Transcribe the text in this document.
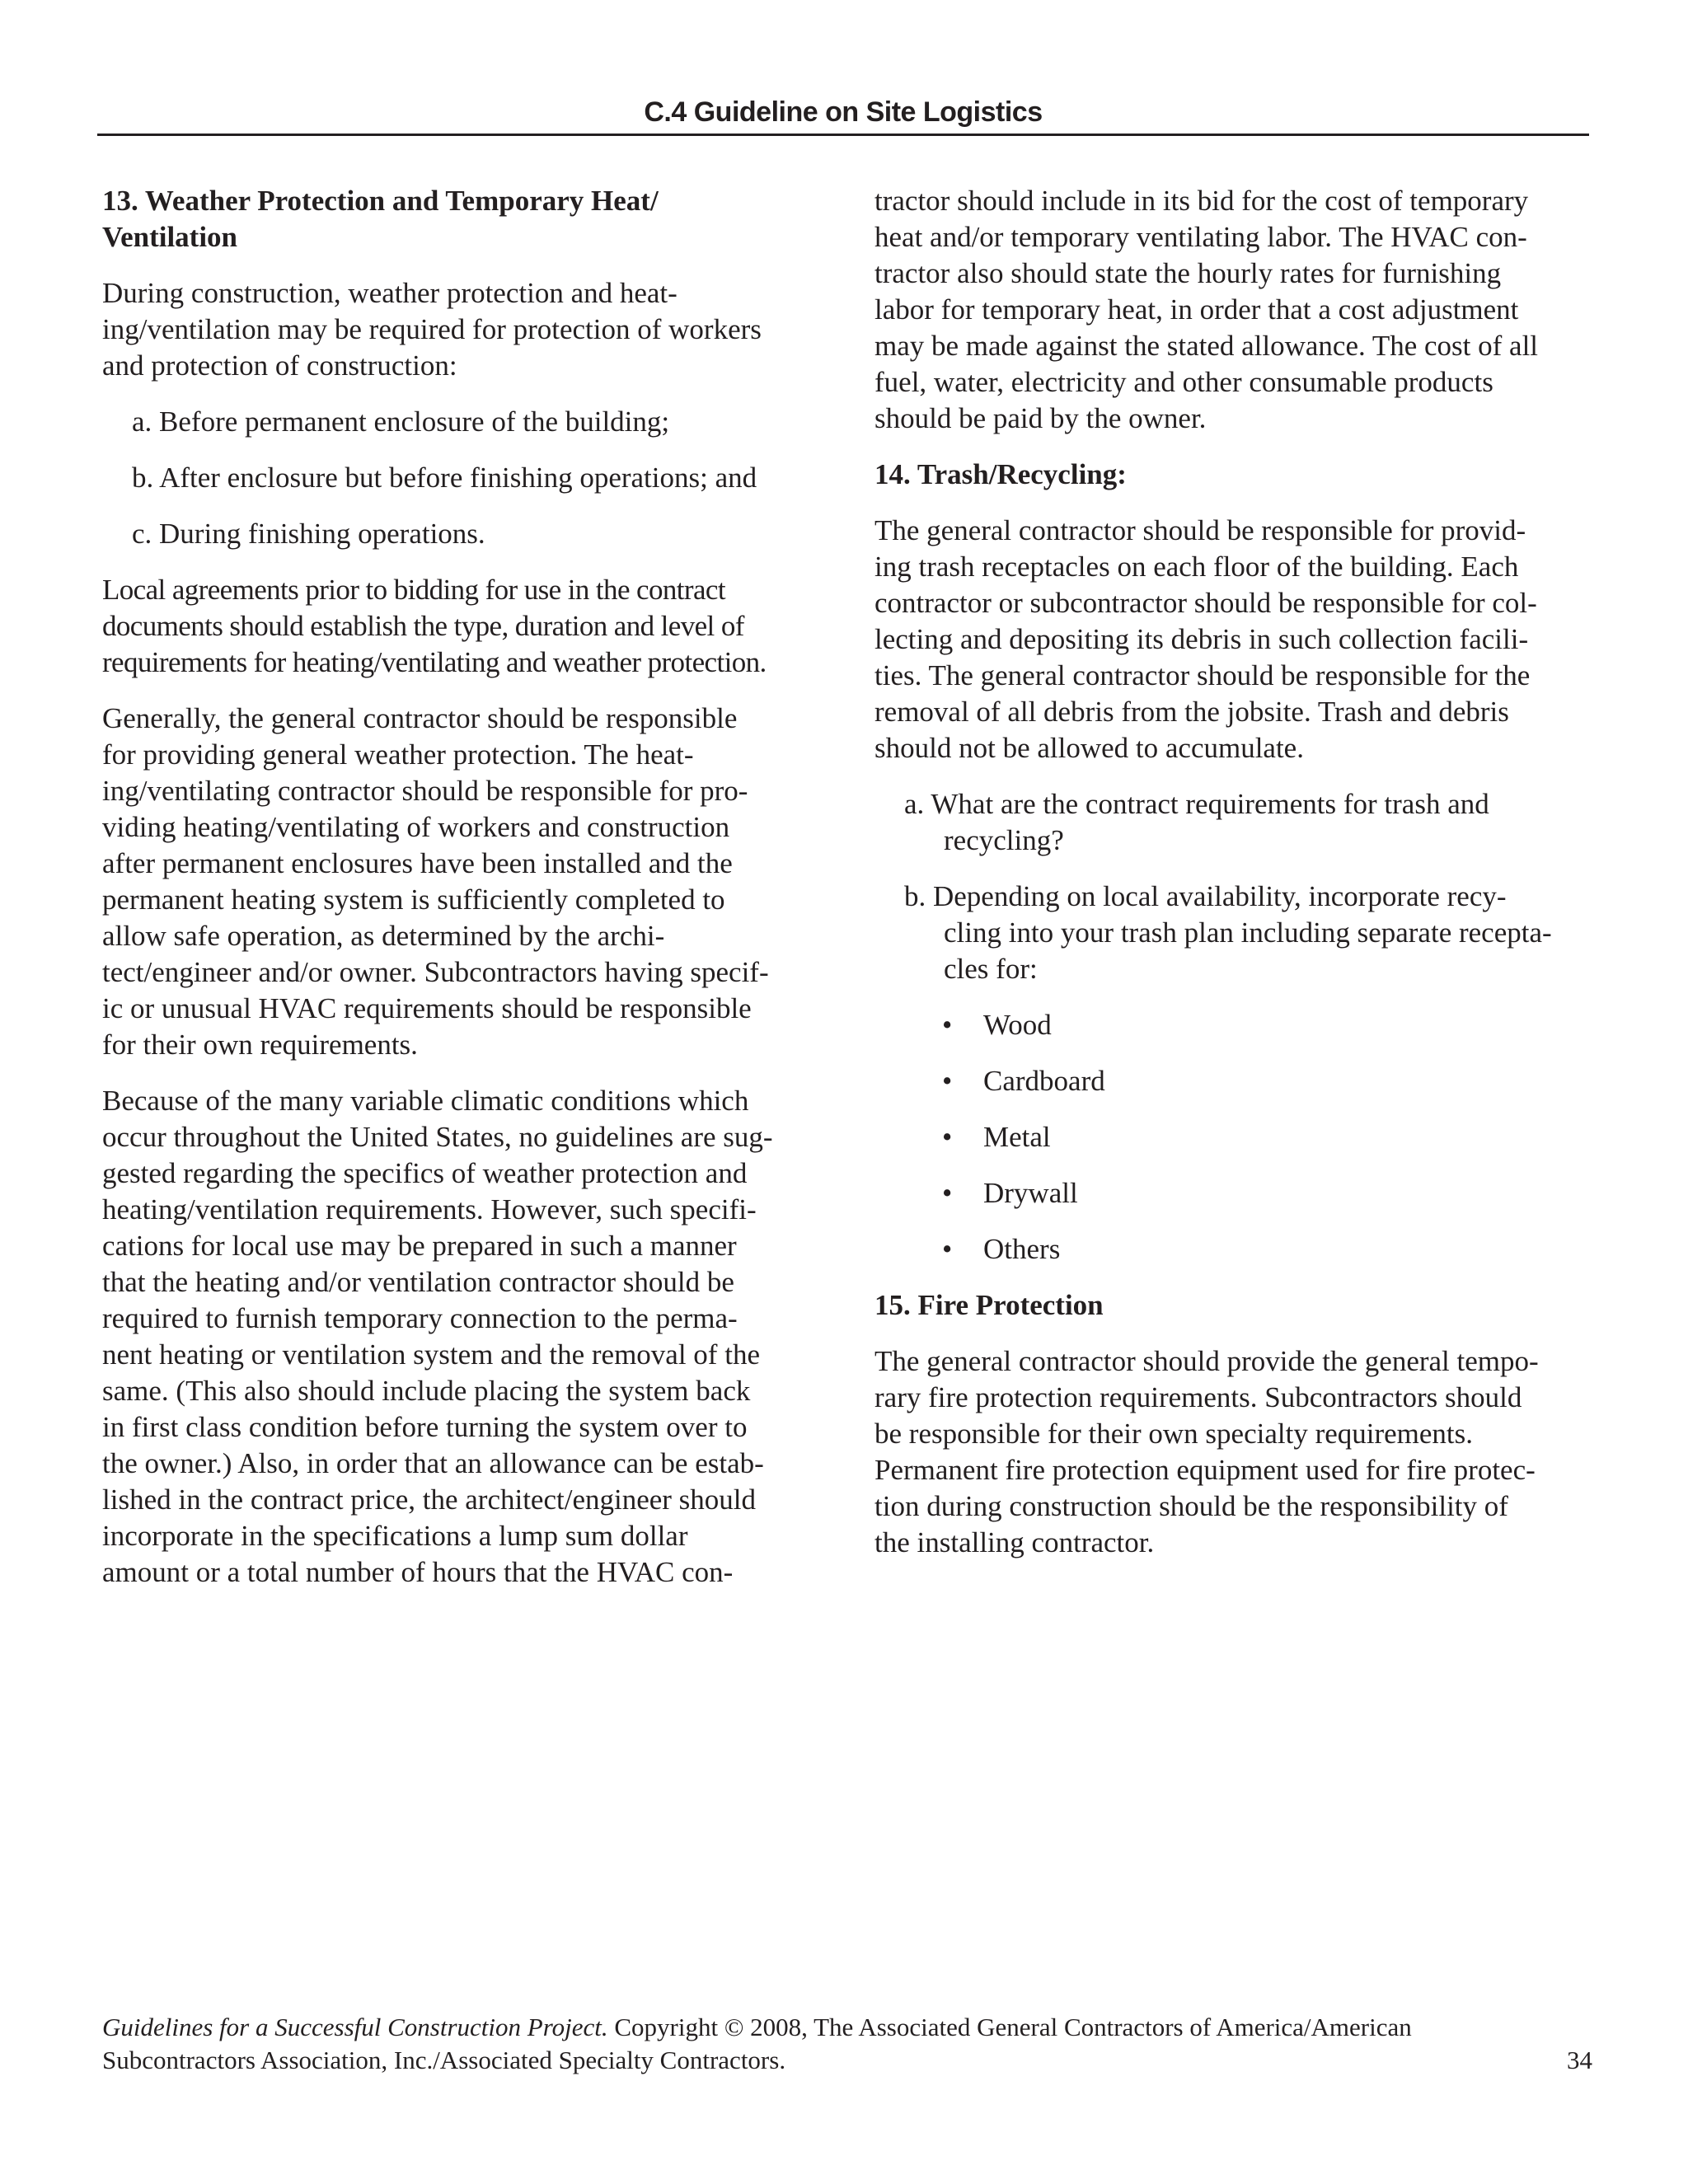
C.4 Guideline on Site Logistics
13. Weather Protection and Temporary Heat/
Ventilation
During construction, weather protection and heat-
ing/ventilation may be required for protection of workers
and protection of construction:
a. Before permanent enclosure of the building;
b. After enclosure but before finishing operations; and
c. During finishing operations.
Local agreements prior to bidding for use in the contract
documents should establish the type, duration and level of
requirements for heating/ventilating and weather protection.
Generally, the general contractor should be responsible
for providing general weather protection. The heat-
ing/ventilating contractor should be responsible for pro-
viding heating/ventilating of workers and construction
after permanent enclosures have been installed and the
permanent heating system is sufficiently completed to
allow safe operation, as determined by the archi-
tect/engineer and/or owner. Subcontractors having specif-
ic or unusual HVAC requirements should be responsible
for their own requirements.
Because of the many variable climatic conditions which
occur throughout the United States, no guidelines are sug-
gested regarding the specifics of weather protection and
heating/ventilation requirements. However, such specifi-
cations for local use may be prepared in such a manner
that the heating and/or ventilation contractor should be
required to furnish temporary connection to the perma-
nent heating or ventilation system and the removal of the
same. (This also should include placing the system back
in first class condition before turning the system over to
the owner.) Also, in order that an allowance can be estab-
lished in the contract price, the architect/engineer should
incorporate in the specifications a lump sum dollar
amount or a total number of hours that the HVAC con-
tractor should include in its bid for the cost of temporary
heat and/or temporary ventilating labor. The HVAC con-
tractor also should state the hourly rates for furnishing
labor for temporary heat, in order that a cost adjustment
may be made against the stated allowance. The cost of all
fuel, water, electricity and other consumable products
should be paid by the owner.
14. Trash/Recycling:
The general contractor should be responsible for provid-
ing trash receptacles on each floor of the building. Each
contractor or subcontractor should be responsible for col-
lecting and depositing its debris in such collection facili-
ties. The general contractor should be responsible for the
removal of all debris from the jobsite. Trash and debris
should not be allowed to accumulate.
a. What are the contract requirements for trash and
recycling?
b. Depending on local availability, incorporate recy-
cling into your trash plan including separate recepta-
cles for:
•	Wood
•	Cardboard
•	Metal
•	Drywall
•	Others
15. Fire Protection
The general contractor should provide the general tempo-
rary fire protection requirements. Subcontractors should
be responsible for their own specialty requirements.
Permanent fire protection equipment used for fire protec-
tion during construction should be the responsibility of
the installing contractor.
Guidelines for a Successful Construction Project. Copyright © 2008, The Associated General Contractors of America/American
Subcontractors Association, Inc./Associated Specialty Contractors.	34
